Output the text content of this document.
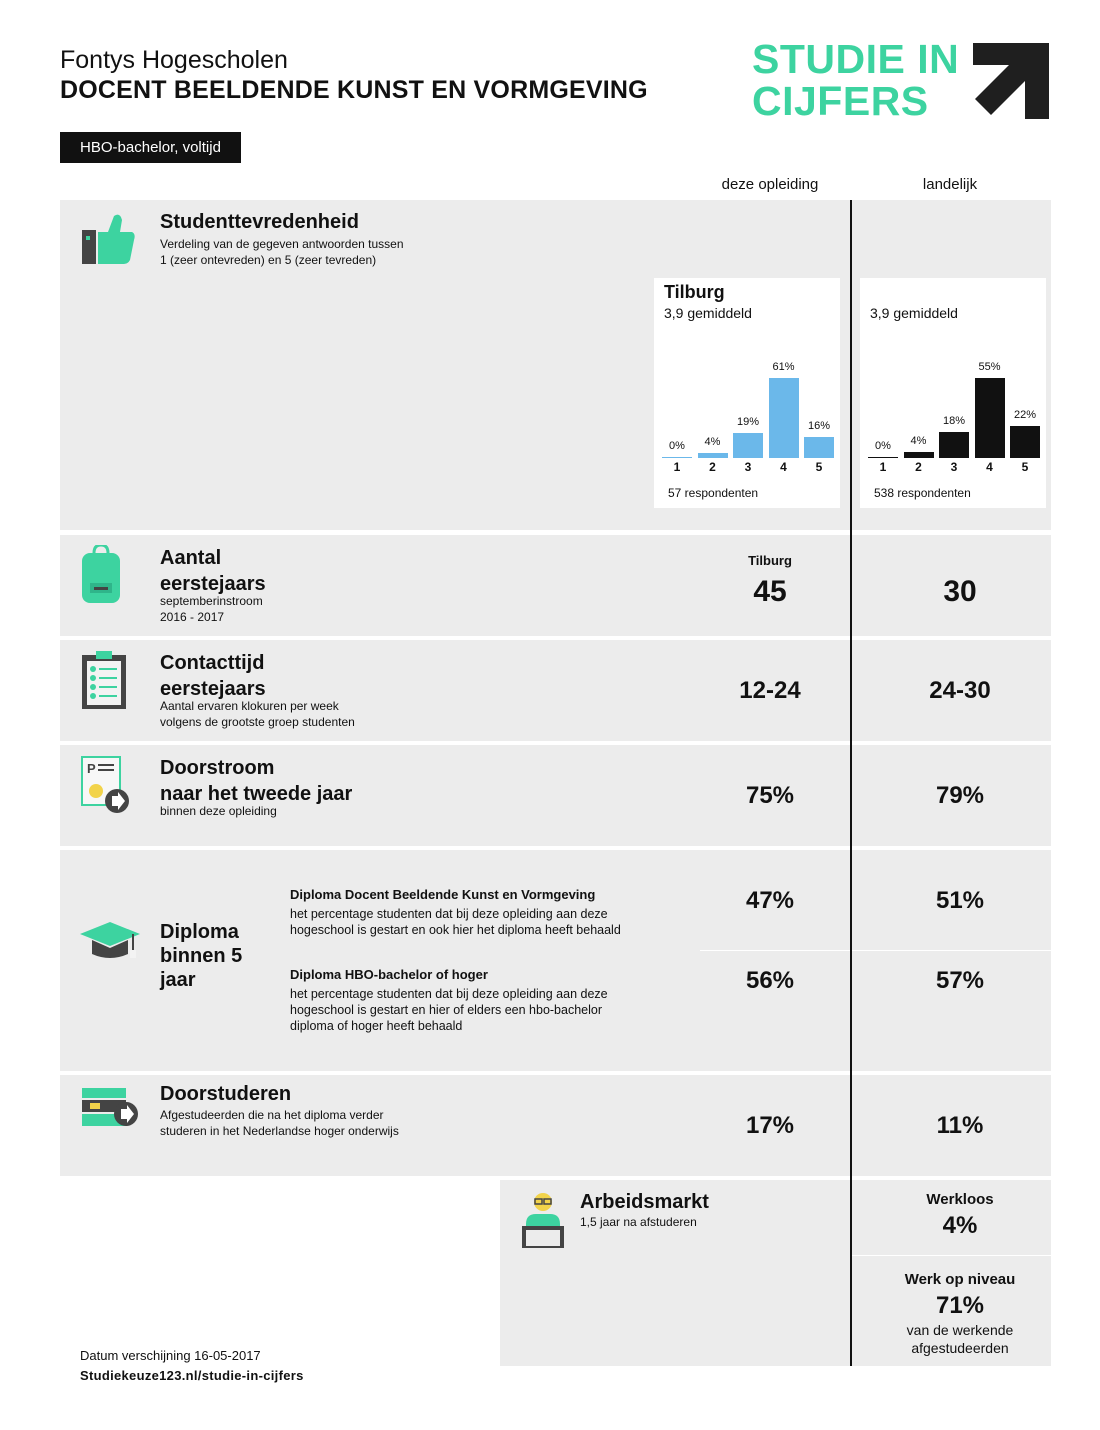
Fontys Hogescholen
DOCENT BEELDENDE KUNST EN VORMGEVING
HBO-bachelor, voltijd
STUDIE IN
CIJFERS
deze opleiding	landelijk
Studenttevredenheid
Verdeling van de gegeven antwoorden tussen
1 (zeer ontevreden) en 5 (zeer tevreden)
Tilburg
3,9 gemiddeld
0%
1
4%
2
19%
3
61%
4
16%
5
57 respondenten
3,9 gemiddeld
0%
1
4%
2
18%
3
55%
4
22%
5
538 respondenten
Aantal
eerstejaars
septemberinstroom
2016 - 2017
Tilburg
45	30
Contacttijd
eerstejaars
Aantal ervaren klokuren per week
volgens de grootste groep studenten
12-24	24-30
P	Doorstroom
naar het tweede jaar
binnen deze opleiding
75%	79%
Diploma
binnen 5
jaar
Diploma Docent Beeldende Kunst en Vormgeving
het percentage studenten dat bij deze opleiding aan deze
hogeschool is gestart en ook hier het diploma heeft behaald
47%	51%
Diploma HBO-bachelor of hoger
het percentage studenten dat bij deze opleiding aan deze
hogeschool is gestart en hier of elders een hbo-bachelor
diploma of hoger heeft behaald
56%	57%
Doorstuderen
Afgestudeerden die na het diploma verder
studeren in het Nederlandse hoger onderwijs	17%	11%
Arbeidsmarkt
1,5 jaar na afstuderen
Werkloos
4%
Werk op niveau
71%
van de werkende
afgestudeerden
Datum verschijning 16-05-2017
Studiekeuze123.nl/studie-in-cijfers
